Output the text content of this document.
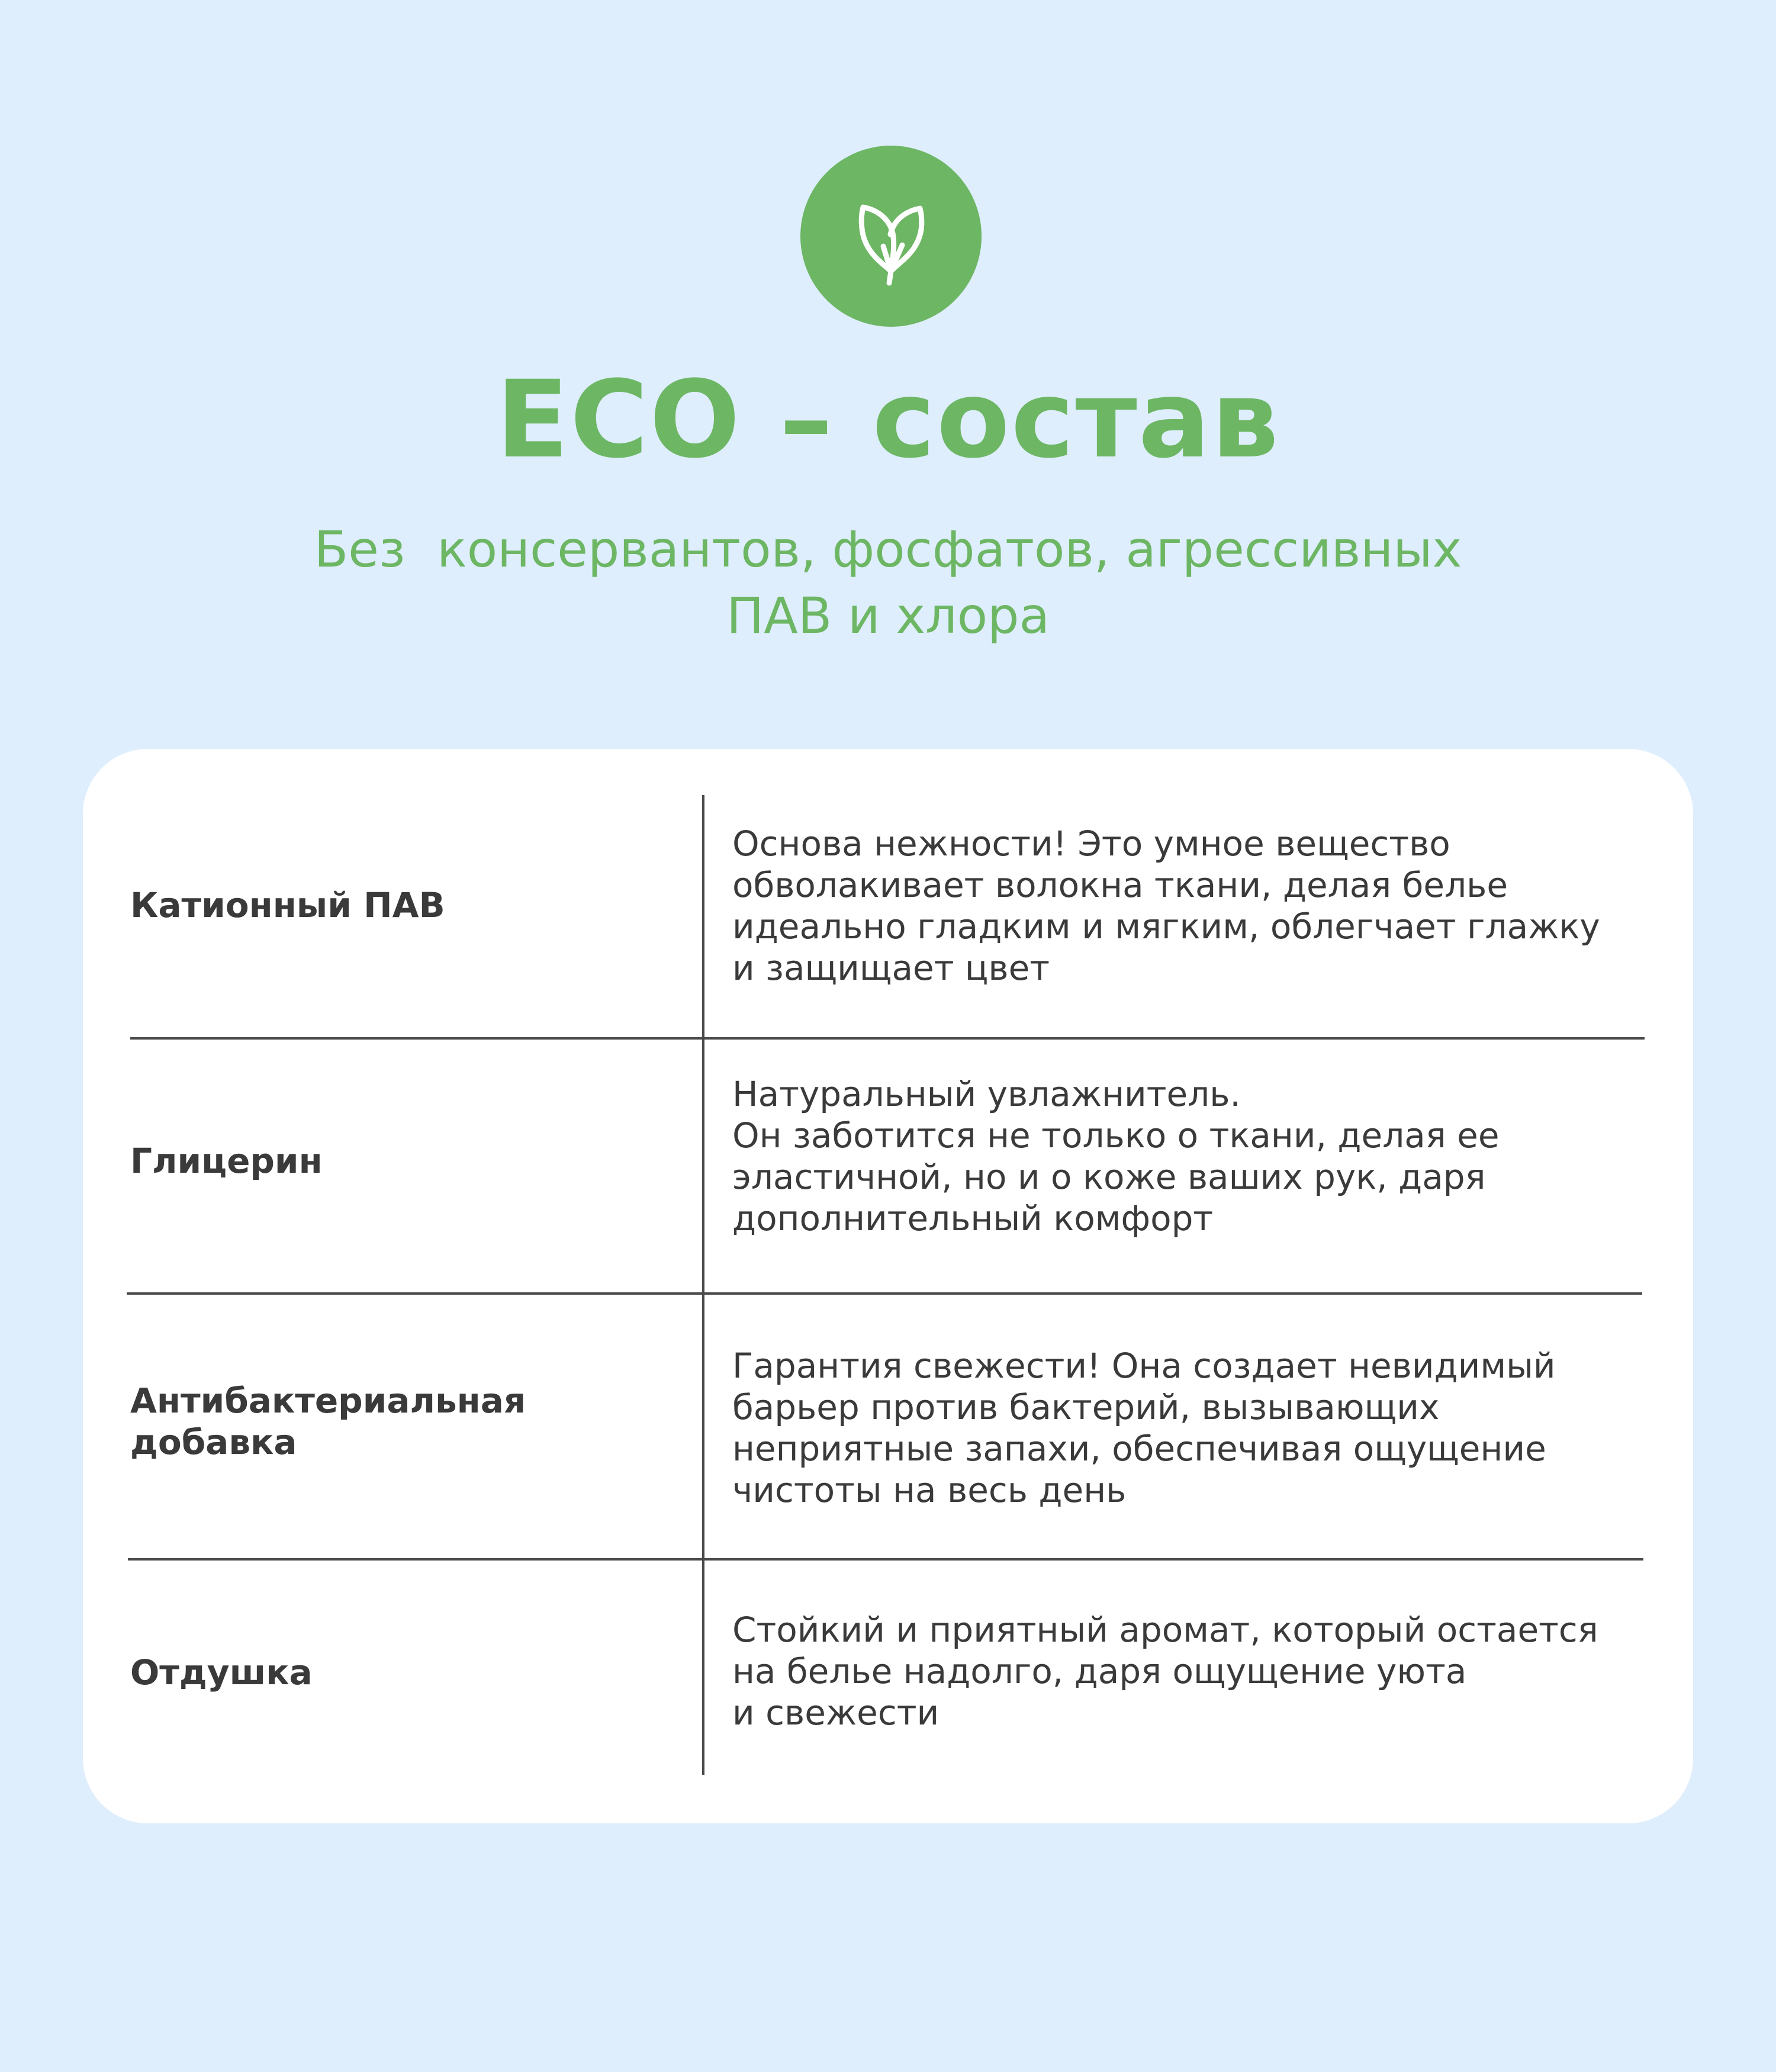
ECO – состав
Без  консервантов, фосфатов, агрессивных
ПАВ и хлора
Катионный ПАВ
Основа нежности! Это умное вещество
обволакивает волокна ткани, делая белье
идеально гладким и мягким, облегчает глажку
и защищает цвет
Глицерин
Натуральный увлажнитель.
Он заботится не только о ткани, делая ее
эластичной, но и о коже ваших рук, даря
дополнительный комфорт
Антибактериальная
добавка
Гарантия свежести! Она создает невидимый
барьер против бактерий, вызывающих
неприятные запахи, обеспечивая ощущение
чистоты на весь день
Отдушка
Стойкий и приятный аромат, который остается
на белье надолго, даря ощущение уюта
и свежести
